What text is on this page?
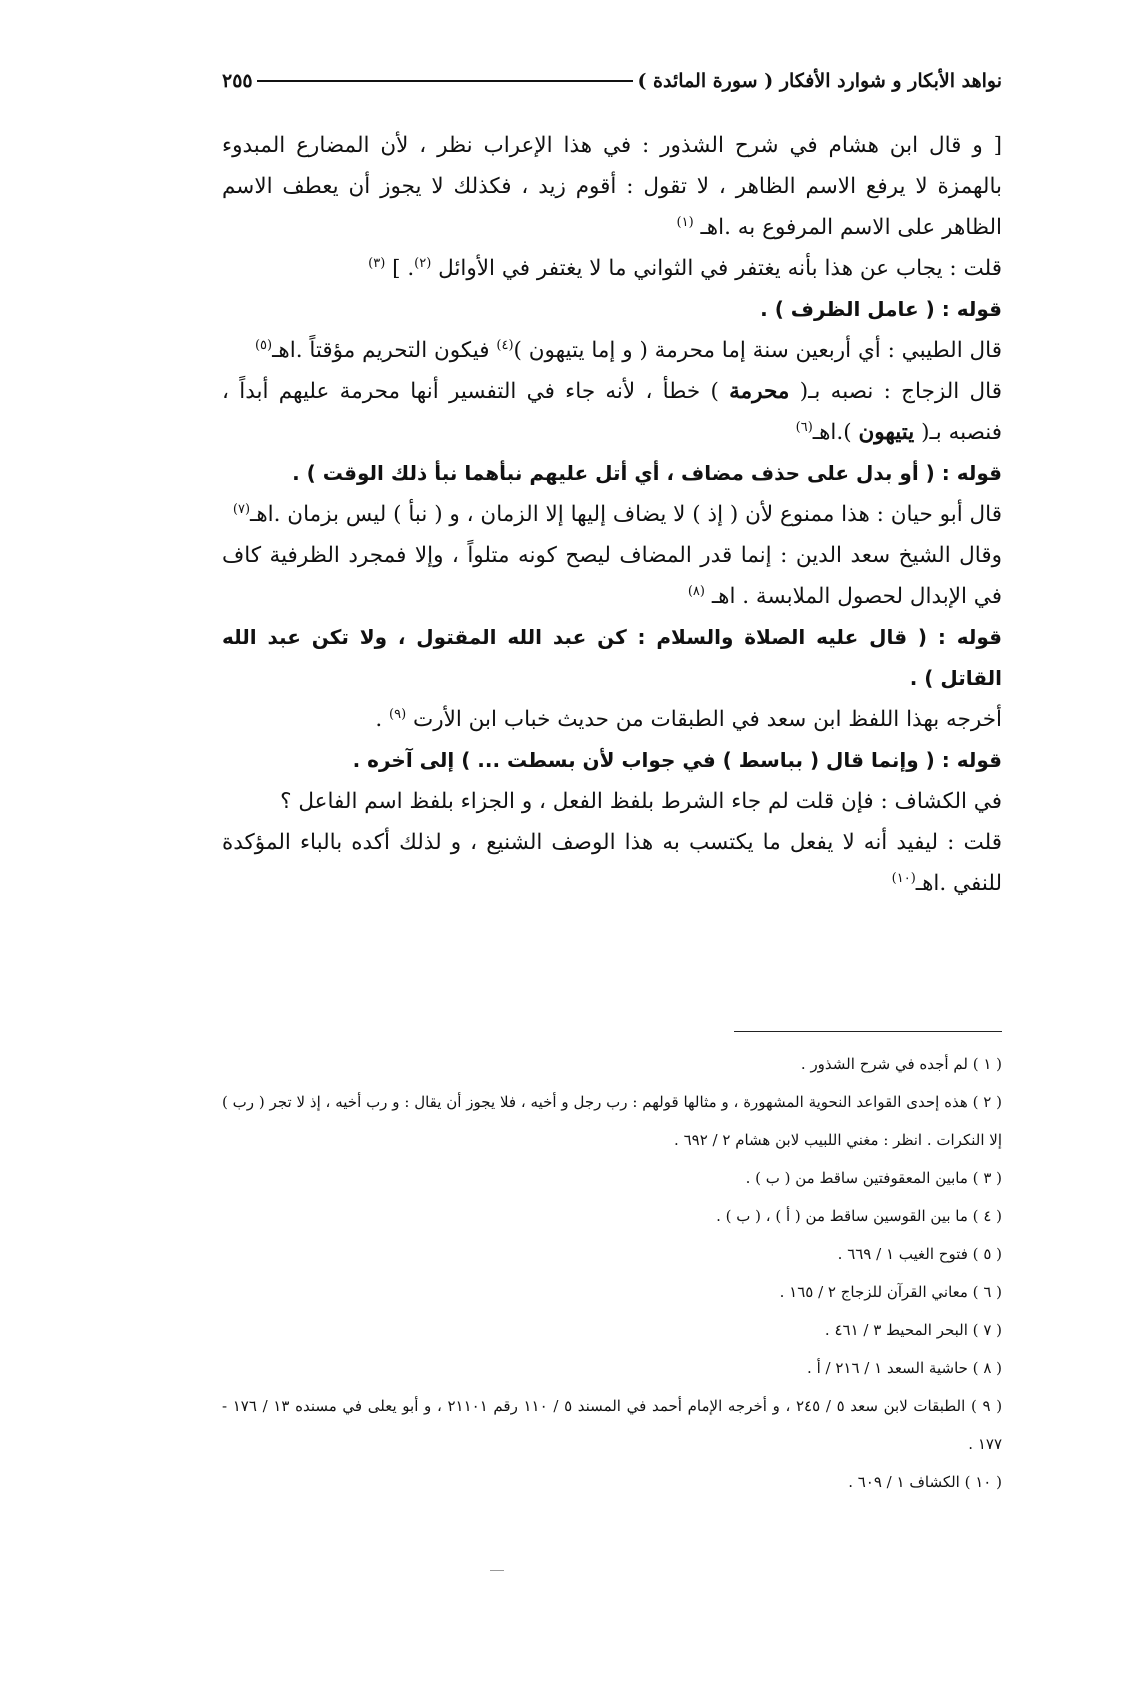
نواهد الأبكار و شوارد الأفكار ( سورة المائدة )
٢٥٥

[ و قال ابن هشام في شرح الشذور : في هذا الإعراب نظر ، لأن المضارع المبدوء بالهمزة لا يرفع الاسم الظاهر ، لا تقول : أقوم زيد ، فكذلك لا يجوز أن يعطف الاسم الظاهر على الاسم المرفوع به .اهـ $^{(١)}$

قلت : يجاب عن هذا بأنه يغتفر في الثواني ما لا يغتفر في الأوائل $^{(٢)}$. ] $^{(٣)}$

قوله : ( عامل الظرف ) .

قال الطيبي : أي أربعين سنة إما محرمة ( و إما يتيهون )$^{(٤)}$ فيكون التحريم مؤقتاً .اهـ$^{(٥)}$

قال الزجاج : نصبه بـ( محرمة ) خطأ ، لأنه جاء في التفسير أنها محرمة عليهم أبداً ، فنصبه بـ( يتيهون ).اهـ$^{(٦)}$

قوله : ( أو بدل على حذف مضاف ، أي أتل عليهم نبأهما نبأ ذلك الوقت ) .

قال أبو حيان : هذا ممنوع لأن ( إذ ) لا يضاف إليها إلا الزمان ، و ( نبأ ) ليس بزمان .اهـ$^{(٧)}$

وقال الشيخ سعد الدين : إنما قدر المضاف ليصح كونه متلواً ، وإلا فمجرد الظرفية كاف في الإبدال لحصول الملابسة . اهـ $^{(٨)}$

قوله : ( قال عليه الصلاة والسلام : كن عبد الله المقتول ، ولا تكن عبد الله القاتل ) .

أخرجه بهذا اللفظ ابن سعد في الطبقات من حديث خباب ابن الأرت $^{(٩)}$ .

قوله : ( وإنما قال ( بباسط ) في جواب لأن بسطت ... ) إلى آخره .

في الكشاف : فإن قلت لم جاء الشرط بلفظ الفعل ، و الجزاء بلفظ اسم الفاعل ؟

قلت : ليفيد أنه لا يفعل ما يكتسب به هذا الوصف الشنيع ، و لذلك أكده بالباء المؤكدة للنفي .اهـ$^{(١٠)}$

( ١ ) لم أجده في شرح الشذور .

( ٢ ) هذه إحدى القواعد النحوية المشهورة ، و مثالها قولهم : رب رجل و أخيه ، فلا يجوز أن يقال : و رب أخيه ، إذ لا تجر ( رب ) إلا النكرات . انظر : مغني اللبيب لابن هشام ٢ / ٦٩٢ .

( ٣ ) مابين المعقوفتين ساقط من ( ب ) .

( ٤ ) ما بين القوسين ساقط من ( أ ) ، ( ب ) .

( ٥ ) فتوح الغيب ١ / ٦٦٩ .

( ٦ ) معاني القرآن للزجاج ٢ / ١٦٥ .

( ٧ ) البحر المحيط ٣ / ٤٦١ .

( ٨ ) حاشية السعد ١ / ٢١٦ / أ .

( ٩ ) الطبقات لابن سعد ٥ / ٢٤٥ ، و أخرجه الإمام أحمد في المسند ٥ / ١١٠ رقم ٢١١٠١ ، و أبو يعلى في مسنده ١٣ / ١٧٦ - ١٧٧ .

( ١٠ ) الكشاف ١ / ٦٠٩ .
